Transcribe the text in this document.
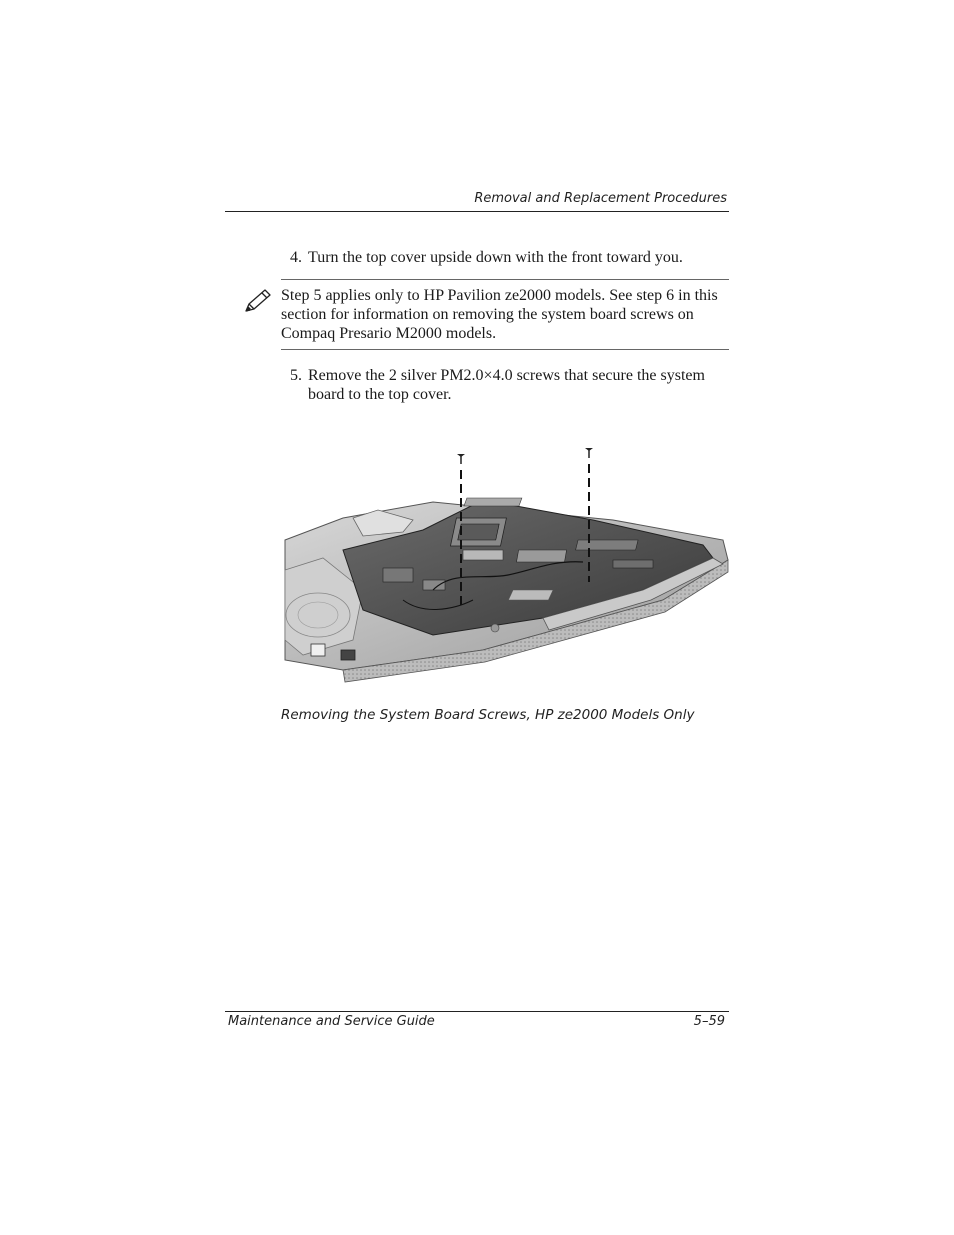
Removal and Replacement Procedures
4. Turn the top cover upside down with the front toward you.
Step 5 applies only to HP Pavilion ze2000 models. See step 6 in this section for information on removing the system board screws on Compaq Presario M2000 models.
5. Remove the 2 silver PM2.0×4.0 screws that secure the system board to the top cover.
Removing the System Board Screws, HP ze2000 Models Only
Maintenance and Service Guide	5–59
